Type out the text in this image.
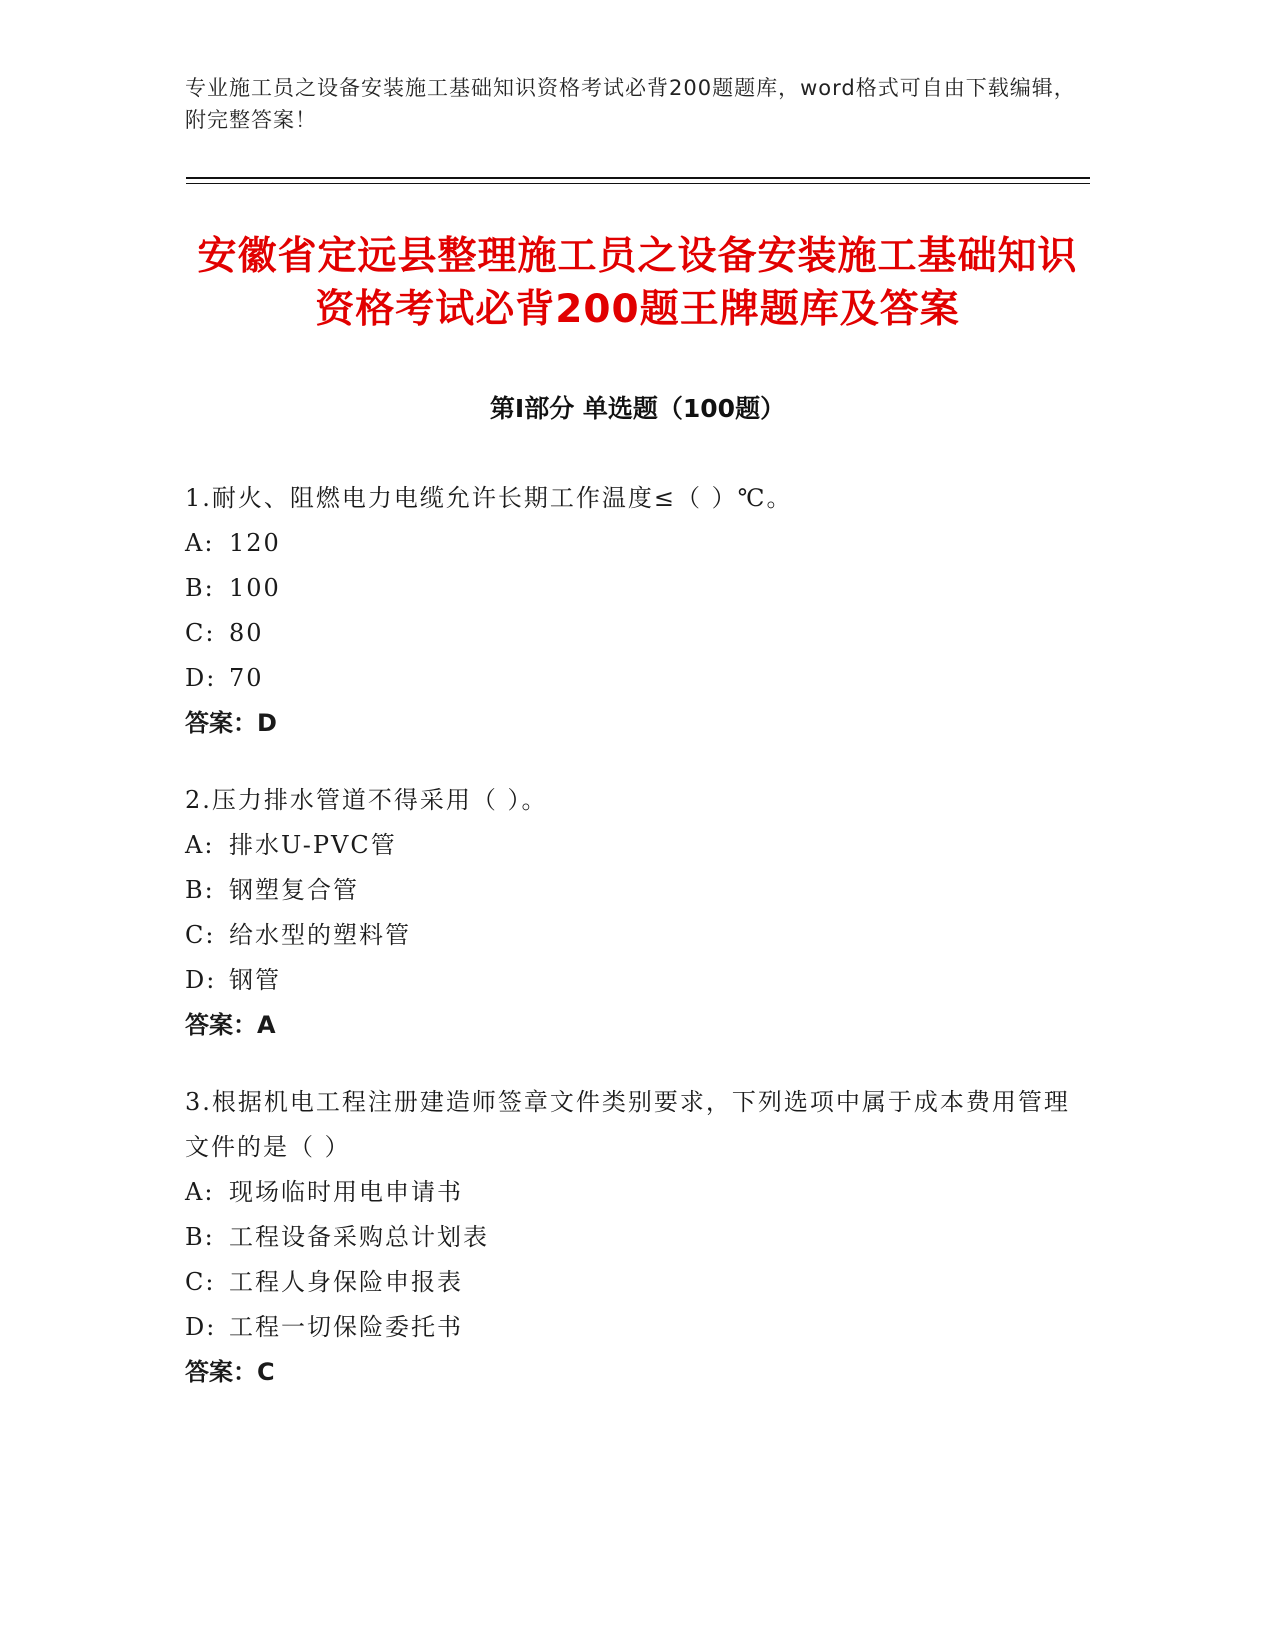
专业施工员之设备安装施工基础知识资格考试必背200题题库，word格式可自由下载编辑，附完整答案！
安徽省定远县整理施工员之设备安装施工基础知识资格考试必背200题王牌题库及答案
第Ⅰ部分 单选题（100题）

1.耐火、阻燃电力电缆允许长期工作温度≤（ ）℃。

A: 120

B: 100

C: 80

D: 70

答案：D

2.压力排水管道不得采用（ ）。

A: 排水U-PVC管

B: 钢塑复合管

C: 给水型的塑料管

D: 钢管

答案：A

3.根据机电工程注册建造师签章文件类别要求，下列选项中属于成本费用管理文件的是（ ）

A: 现场临时用电申请书

B: 工程设备采购总计划表

C: 工程人身保险申报表

D: 工程一切保险委托书

答案：C
